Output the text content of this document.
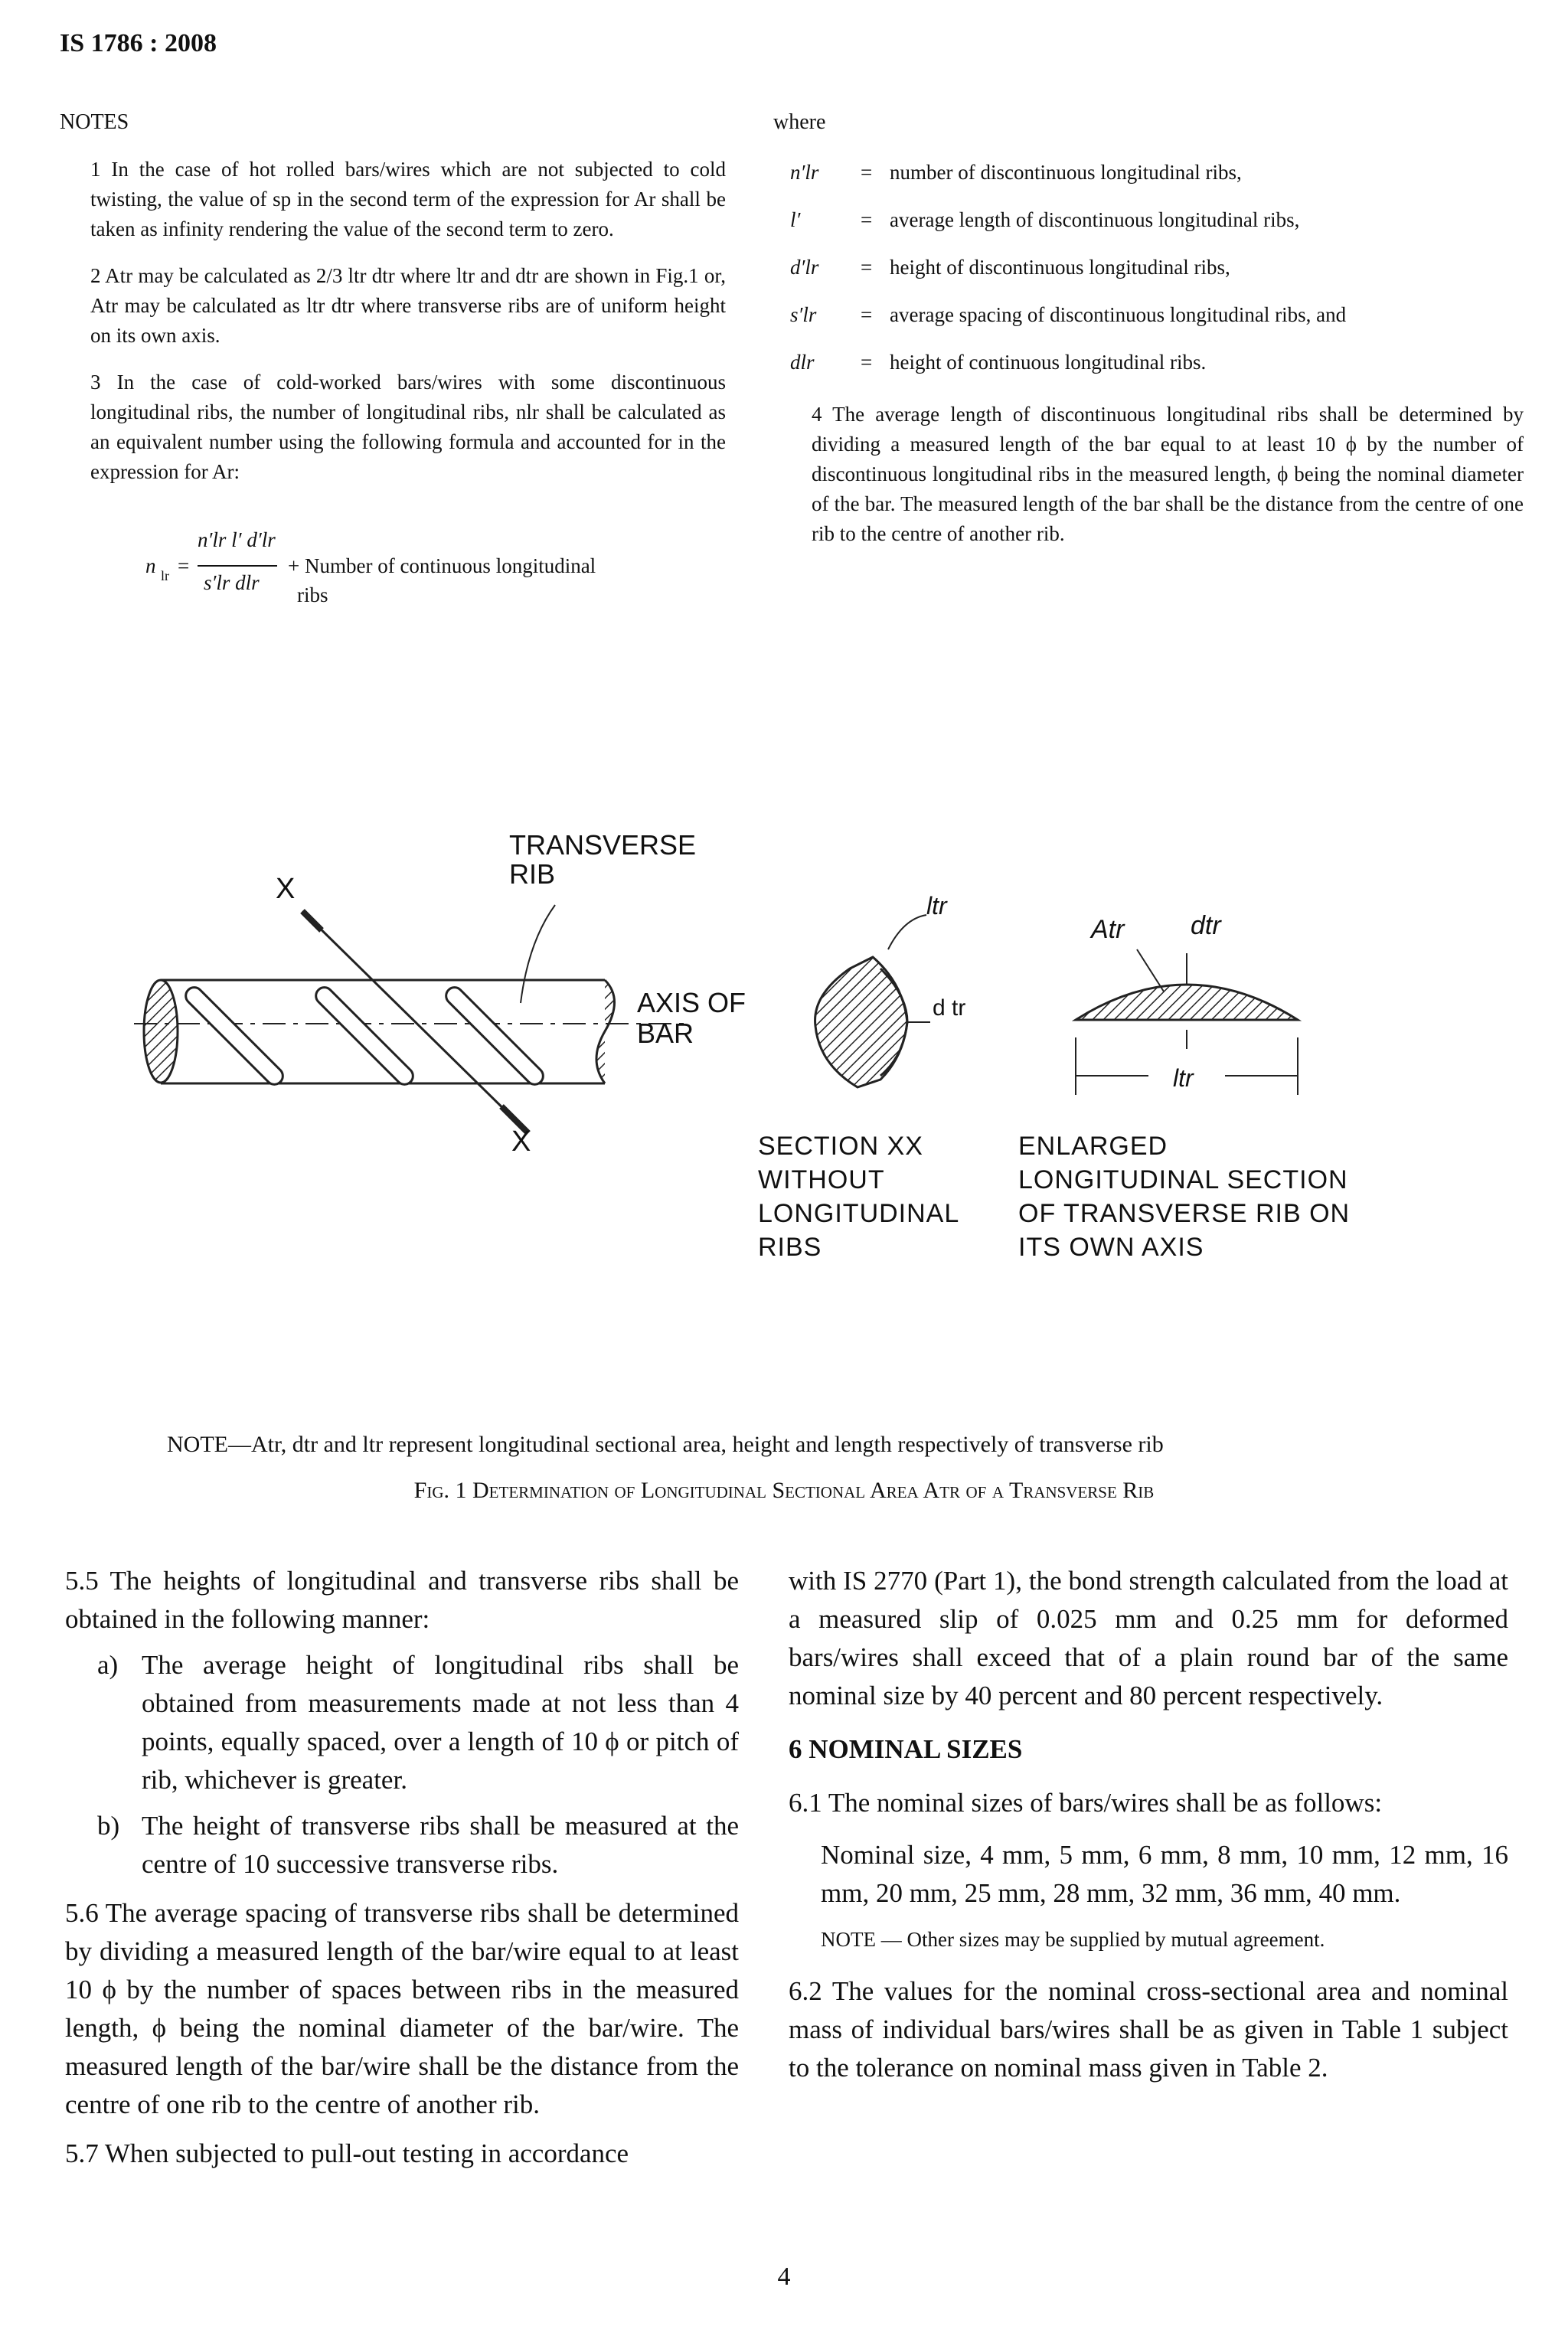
IS 1786 : 2008
NOTES

1 In the case of hot rolled bars/wires which are not subjected to cold twisting, the value of sp in the second term of the expression for Ar shall be taken as infinity rendering the value of the second term to zero.

2 Atr may be calculated as 2/3 ltr dtr where ltr and dtr are shown in Fig.1 or, Atr may be calculated as ltr dtr where transverse ribs are of uniform height on its own axis.

3 In the case of cold-worked bars/wires with some discontinuous longitudinal ribs, the number of longitudinal ribs, nlr shall be calculated as an equivalent number using the following formula and accounted for in the expression for Ar:

n lr =
n′lr l′ d′lr
s′lr dlr
+ Number of continuous longitudinal
ribs
where
n′lr = number of discontinuous longitudinal ribs,
l′	= average length of discontinuous longitudinal ribs,
d′lr = height of discontinuous longitudinal ribs,
s′lr = average spacing of discontinuous longitudinal ribs, and
dlr = height of continuous longitudinal ribs.
4 The average length of discontinuous longitudinal ribs shall be determined by dividing a measured length of the bar equal to at least 10 ϕ by the number of discontinuous longitudinal ribs in the measured length, ϕ being the nominal diameter of the bar. The measured length of the bar shall be the distance from the centre of one rib to the centre of another rib.
TRANSVERSE
RIB
X
X
AXIS OF
BAR
ltr
d tr
Atr	dtr
ltr
SECTION XX
WITHOUT
LONGITUDINAL
RIBS
ENLARGED
LONGITUDINAL SECTION
OF TRANSVERSE RIB ON
ITS OWN AXIS
NOTE—Atr, dtr and ltr represent longitudinal sectional area, height and length respectively of transverse rib
Fig. 1 Determination of Longitudinal Sectional Area Atr of a Transverse Rib

5.5 The heights of longitudinal and transverse ribs shall be obtained in the following manner:

a) The average height of longitudinal ribs shall be obtained from measurements made at not less than 4 points, equally spaced, over a length of 10 ϕ or pitch of rib, whichever is greater.

b) The height of transverse ribs shall be measured at the centre of 10 successive transverse ribs.

5.6 The average spacing of transverse ribs shall be determined by dividing a measured length of the bar/wire equal to at least 10 ϕ by the number of spaces between ribs in the measured length, ϕ being the nominal diameter of the bar/wire. The measured length of the bar/wire shall be the distance from the centre of one rib to the centre of another rib.

5.7 When subjected to pull-out testing in accordance

with IS 2770 (Part 1), the bond strength calculated from the load at a measured slip of 0.025 mm and 0.25 mm for deformed bars/wires shall exceed that of a plain round bar of the same nominal size by 40 percent and 80 percent respectively.

6 NOMINAL SIZES

6.1 The nominal sizes of bars/wires shall be as follows:

Nominal size, 4 mm, 5 mm, 6 mm, 8 mm, 10 mm, 12 mm, 16 mm, 20 mm, 25 mm, 28 mm, 32 mm, 36 mm, 40 mm.

NOTE — Other sizes may be supplied by mutual agreement.

6.2 The values for the nominal cross-sectional area and nominal mass of individual bars/wires shall be as given in Table 1 subject to the tolerance on nominal mass given in Table 2.

4
